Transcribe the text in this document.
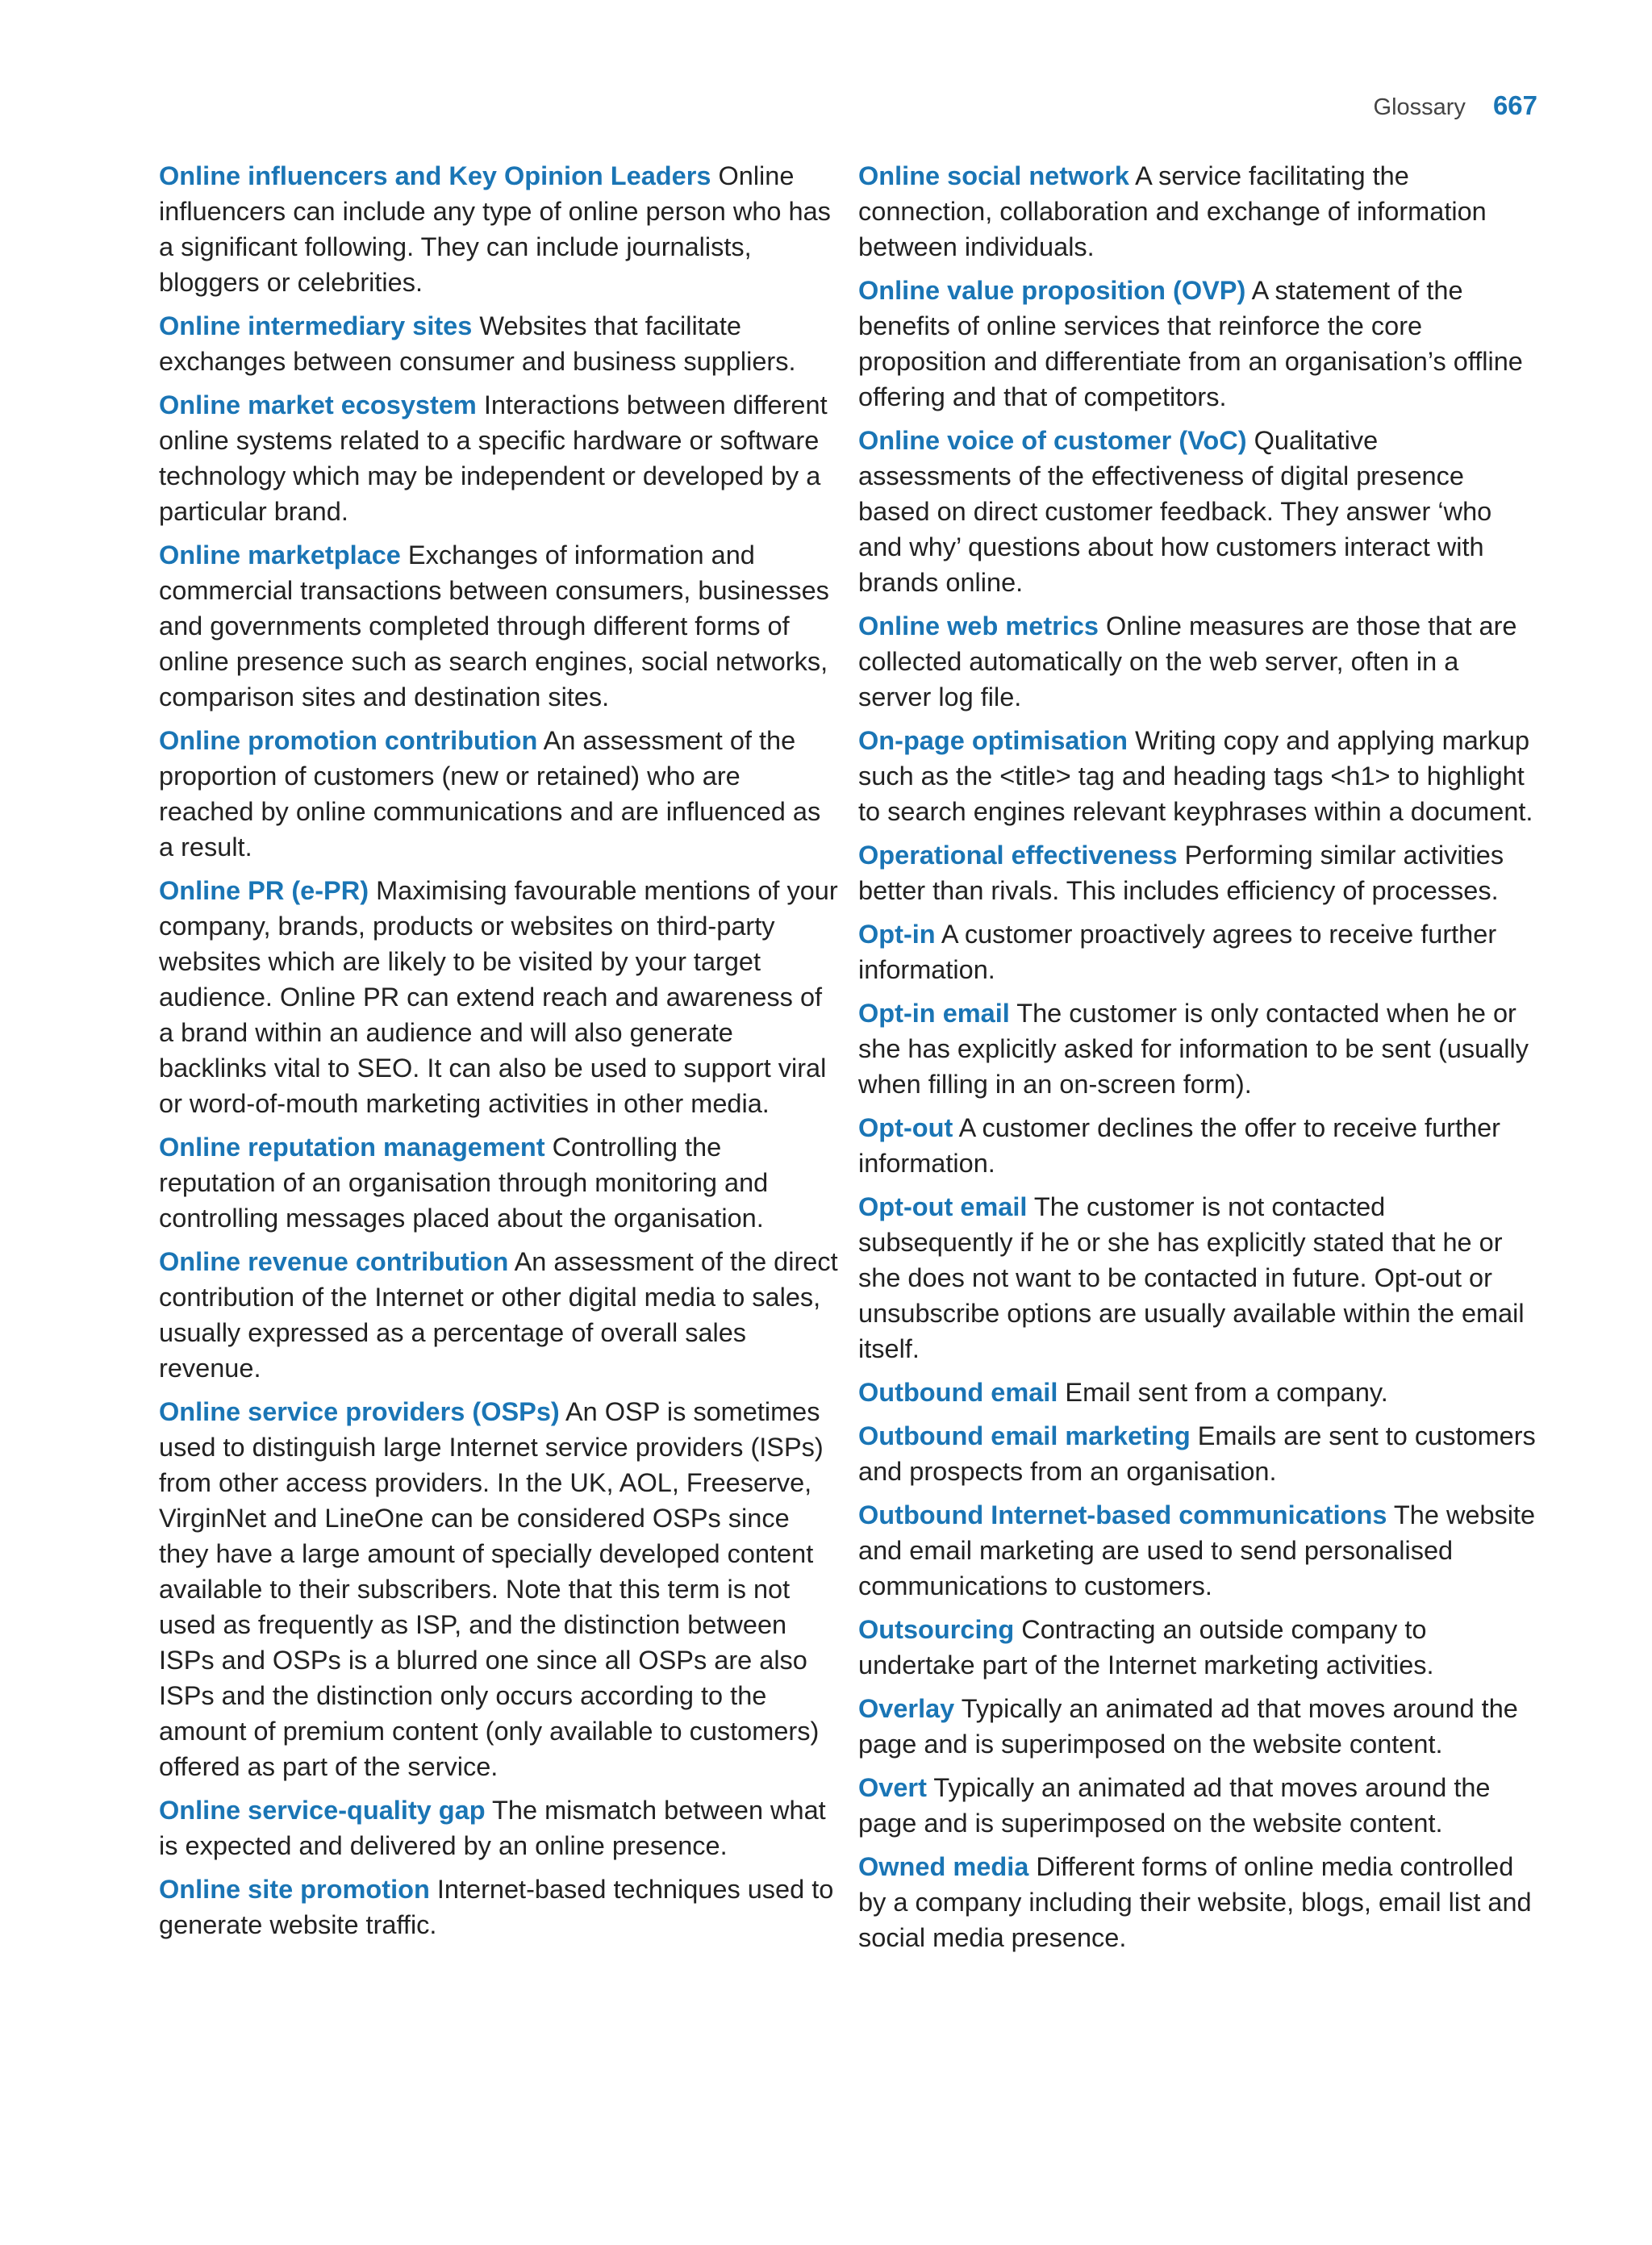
Glossary 667

Online influencers and Key Opinion Leaders Online influencers can include any type of online person who has a significant following. They can include journalists, bloggers or celebrities.

Online intermediary sites Websites that facilitate exchanges between consumer and business suppliers.

Online market ecosystem Interactions between different online systems related to a specific hardware or software technology which may be independent or developed by a particular brand.

Online marketplace Exchanges of information and commercial transactions between consumers, businesses and governments completed through different forms of online presence such as search engines, social networks, comparison sites and destination sites.

Online promotion contribution An assessment of the proportion of customers (new or retained) who are reached by online communications and are influenced as a result.

Online PR (e-PR) Maximising favourable mentions of your company, brands, products or websites on third-party websites which are likely to be visited by your target audience. Online PR can extend reach and awareness of a brand within an audience and will also generate backlinks vital to SEO. It can also be used to support viral or word-of-mouth marketing activities in other media.

Online reputation management Controlling the reputation of an organisation through monitoring and controlling messages placed about the organisation.

Online revenue contribution An assessment of the direct contribution of the Internet or other digital media to sales, usually expressed as a percentage of overall sales revenue.

Online service providers (OSPs) An OSP is sometimes used to distinguish large Internet service providers (ISPs) from other access providers. In the UK, AOL, Freeserve, VirginNet and LineOne can be considered OSPs since they have a large amount of specially developed content available to their subscribers. Note that this term is not used as frequently as ISP, and the distinction between ISPs and OSPs is a blurred one since all OSPs are also ISPs and the distinction only occurs according to the amount of premium content (only available to customers) offered as part of the service.

Online service-quality gap The mismatch between what is expected and delivered by an online presence.

Online site promotion Internet-based techniques used to generate website traffic.

Online social network A service facilitating the connection, collaboration and exchange of information between individuals.

Online value proposition (OVP) A statement of the benefits of online services that reinforce the core proposition and differentiate from an organisation’s offline offering and that of competitors.

Online voice of customer (VoC) Qualitative assessments of the effectiveness of digital presence based on direct customer feedback. They answer ‘who and why’ questions about how customers interact with brands online.

Online web metrics Online measures are those that are collected automatically on the web server, often in a server log file.

On-page optimisation Writing copy and applying markup such as the <title> tag and heading tags <h1> to highlight to search engines relevant keyphrases within a document.

Operational effectiveness Performing similar activities better than rivals. This includes efficiency of processes.

Opt-in A customer proactively agrees to receive further information.

Opt-in email The customer is only contacted when he or she has explicitly asked for information to be sent (usually when filling in an on-screen form).

Opt-out A customer declines the offer to receive further information.

Opt-out email The customer is not contacted subsequently if he or she has explicitly stated that he or she does not want to be contacted in future. Opt-out or unsubscribe options are usually available within the email itself.

Outbound email Email sent from a company.

Outbound email marketing Emails are sent to customers and prospects from an organisation.

Outbound Internet-based communications The website and email marketing are used to send personalised communications to customers.

Outsourcing Contracting an outside company to undertake part of the Internet marketing activities.

Overlay Typically an animated ad that moves around the page and is superimposed on the website content.

Overt Typically an animated ad that moves around the page and is superimposed on the website content.

Owned media Different forms of online media controlled by a company including their website, blogs, email list and social media presence.
